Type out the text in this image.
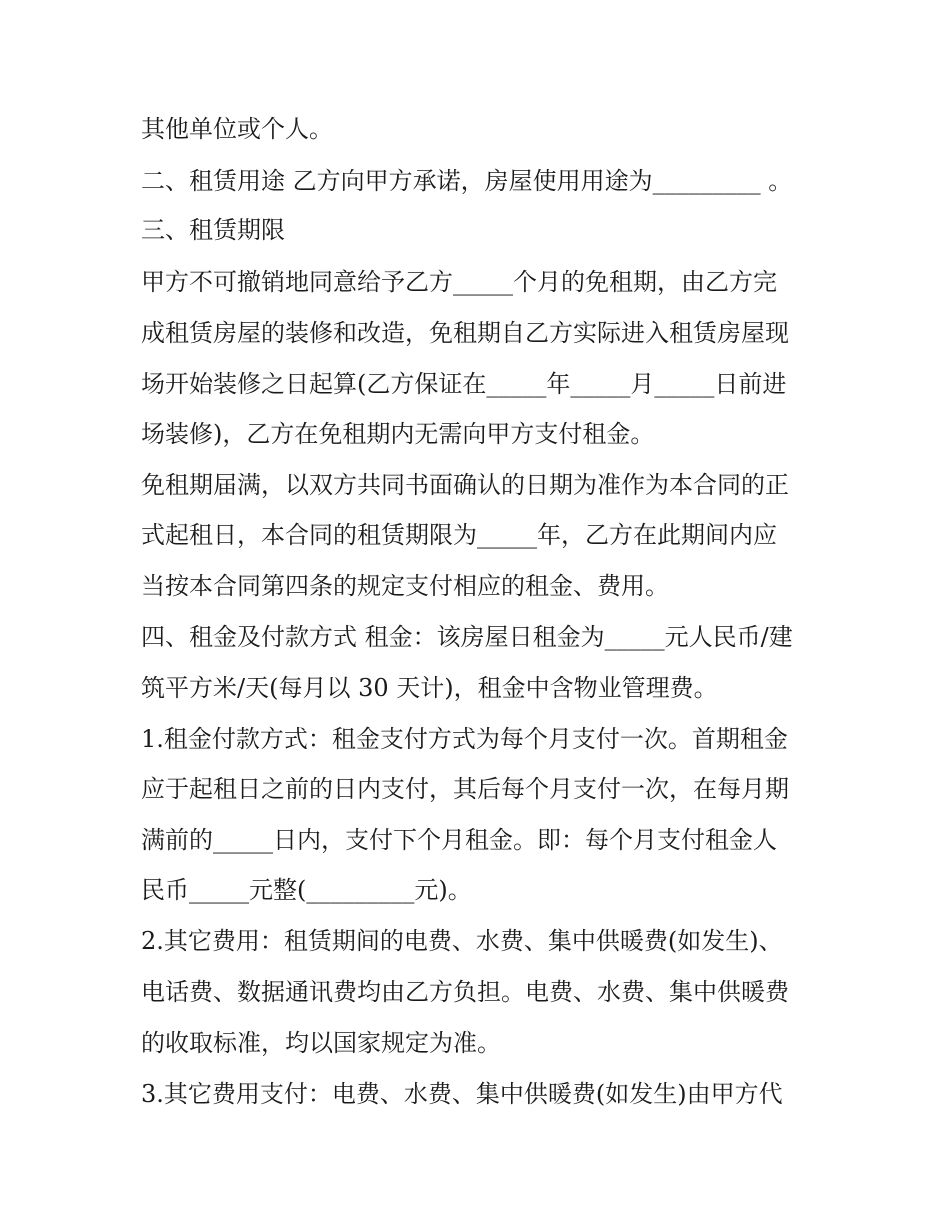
其他单位或个人。
二、租赁用途 乙方向甲方承诺，房屋使用用途为_________ 。
三、租赁期限
甲方不可撤销地同意给予乙方_____个月的免租期，由乙方完
成租赁房屋的装修和改造，免租期自乙方实际进入租赁房屋现
场开始装修之日起算(乙方保证在_____年_____月_____日前进
场装修)，乙方在免租期内无需向甲方支付租金。
免租期届满，以双方共同书面确认的日期为准作为本合同的正
式起租日，本合同的租赁期限为_____年，乙方在此期间内应
当按本合同第四条的规定支付相应的租金、费用。
四、租金及付款方式 租金：该房屋日租金为_____元人民币/建
筑平方米/天(每月以 30 天计)，租金中含物业管理费。
1.租金付款方式：租金支付方式为每个月支付一次。首期租金
应于起租日之前的日内支付，其后每个月支付一次，在每月期
满前的_____日内，支付下个月租金。即：每个月支付租金人
民币_____元整(_________元)。
2.其它费用：租赁期间的电费、水费、集中供暖费(如发生)、
电话费、数据通讯费均由乙方负担。电费、水费、集中供暖费
的收取标准，均以国家规定为准。
3.其它费用支付：电费、水费、集中供暖费(如发生)由甲方代
